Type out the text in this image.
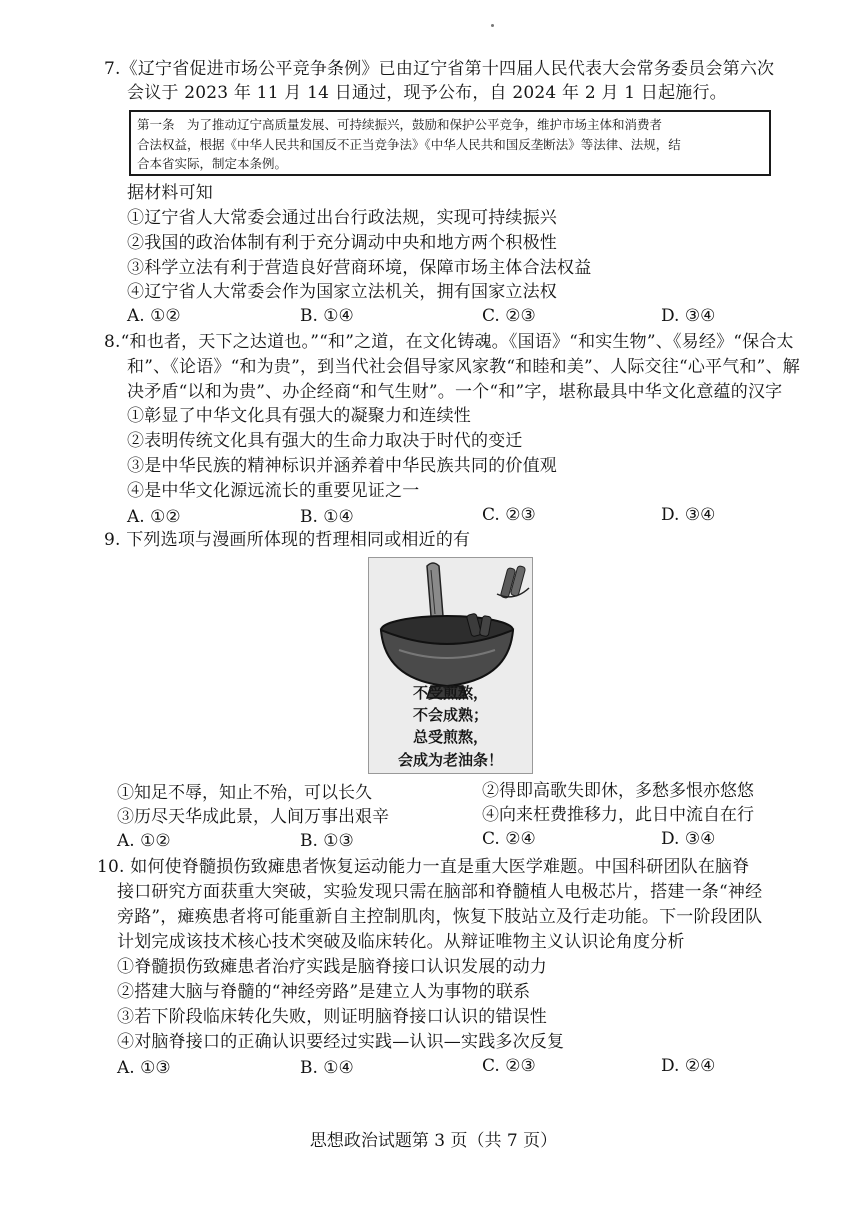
7.《辽宁省促进市场公平竞争条例》已由辽宁省第十四届人民代表大会常务委员会第六次
会议于 2023 年 11 月 14 日通过，现予公布，自 2024 年 2 月 1 日起施行。
第一条　为了推动辽宁高质量发展、可持续振兴，鼓励和保护公平竞争，维护市场主体和消费者
合法权益，根据《中华人民共和国反不正当竞争法》《中华人民共和国反垄断法》等法律、法规，结
合本省实际，制定本条例。
据材料可知
①辽宁省人大常委会通过出台行政法规，实现可持续振兴
②我国的政治体制有利于充分调动中央和地方两个积极性
③科学立法有利于营造良好营商环境，保障市场主体合法权益
④辽宁省人大常委会作为国家立法机关，拥有国家立法权
A. ①②	B. ①④	C. ②③	D. ③④
8.“和也者，天下之达道也。”“和”之道，在文化铸魂。《国语》“和实生物”、《易经》“保合太
和”、《论语》“和为贵”，到当代社会倡导家风家教“和睦和美”、人际交往“心平气和”、解
决矛盾“以和为贵”、办企经商“和气生财”。一个“和”字，堪称最具中华文化意蕴的汉字
①彰显了中华文化具有强大的凝聚力和连续性
②表明传统文化具有强大的生命力取决于时代的变迁
③是中华民族的精神标识并涵养着中华民族共同的价值观
④是中华文化源远流长的重要见证之一
A. ①②	B. ①④	C. ②③	D. ③④
9. 下列选项与漫画所体现的哲理相同或相近的有
不受煎熬，
不会成熟；
总受煎熬，
会成为老油条！
①知足不辱，知止不殆，可以长久	②得即高歌失即休，多愁多恨亦悠悠
③历尽天华成此景，人间万事出艰辛	④向来枉费推移力，此日中流自在行
A. ①②	B. ①③	C. ②④	D. ③④
10. 如何使脊髓损伤致瘫患者恢复运动能力一直是重大医学难题。中国科研团队在脑脊
接口研究方面获重大突破，实验发现只需在脑部和脊髓植人电极芯片，搭建一条“神经
旁路”，瘫痪患者将可能重新自主控制肌肉，恢复下肢站立及行走功能。下一阶段团队
计划完成该技术核心技术突破及临床转化。从辩证唯物主义认识论角度分析
①脊髓损伤致瘫患者治疗实践是脑脊接口认识发展的动力
②搭建大脑与脊髓的“神经旁路”是建立人为事物的联系
③若下阶段临床转化失败，则证明脑脊接口认识的错误性
④对脑脊接口的正确认识要经过实践—认识—实践多次反复
A. ①③	B. ①④	C. ②③	D. ②④
思想政治试题第 3 页（共 7 页）
